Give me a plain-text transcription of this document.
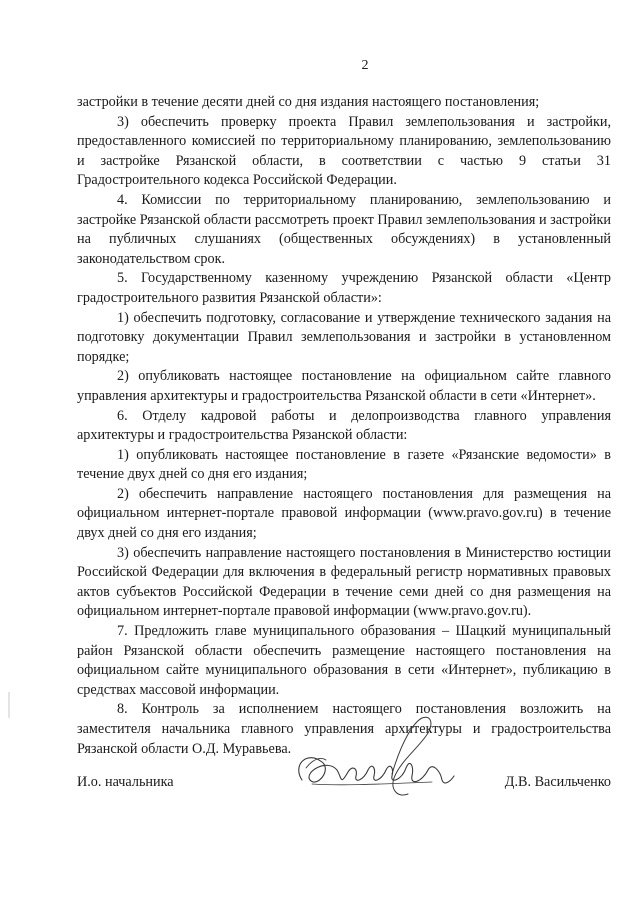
2

застройки в течение десяти дней со дня издания настоящего постановления;

3) обеспечить проверку проекта Правил землепользования и застройки, предоставленного комиссией по территориальному планированию, землепользованию и застройке Рязанской области, в соответствии с частью 9 статьи 31 Градостроительного кодекса Российской Федерации.

4. Комиссии по территориальному планированию, землепользованию и застройке Рязанской области рассмотреть проект Правил землепользования и застройки на публичных слушаниях (общественных обсуждениях) в установленный законодательством срок.

5. Государственному казенному учреждению Рязанской области «Центр градостроительного развития Рязанской области»:

1) обеспечить подготовку, согласование и утверждение технического задания на подготовку документации Правил землепользования и застройки в установленном порядке;

2) опубликовать настоящее постановление на официальном сайте главного управления архитектуры и градостроительства Рязанской области в сети «Интернет».

6. Отделу кадровой работы и делопроизводства главного управления архитектуры и градостроительства Рязанской области:

1) опубликовать настоящее постановление в газете «Рязанские ведомости» в течение двух дней со дня его издания;

2) обеспечить направление настоящего постановления для размещения на официальном интернет-портале правовой информации (www.pravo.gov.ru) в течение двух дней со дня его издания;

3) обеспечить направление настоящего постановления в Министерство юстиции Российской Федерации для включения в федеральный регистр нормативных правовых актов субъектов Российской Федерации в течение семи дней со дня размещения на официальном интернет-портале правовой информации (www.pravo.gov.ru).

7. Предложить главе муниципального образования – Шацкий муниципальный район Рязанской области обеспечить размещение настоящего постановления на официальном сайте муниципального образования в сети «Интернет», публикацию в средствах массовой информации.

8. Контроль за исполнением настоящего постановления возложить на заместителя начальника главного управления архитектуры и градостроительства Рязанской области О.Д. Муравьева.

И.о. начальника	Д.В. Васильченко
